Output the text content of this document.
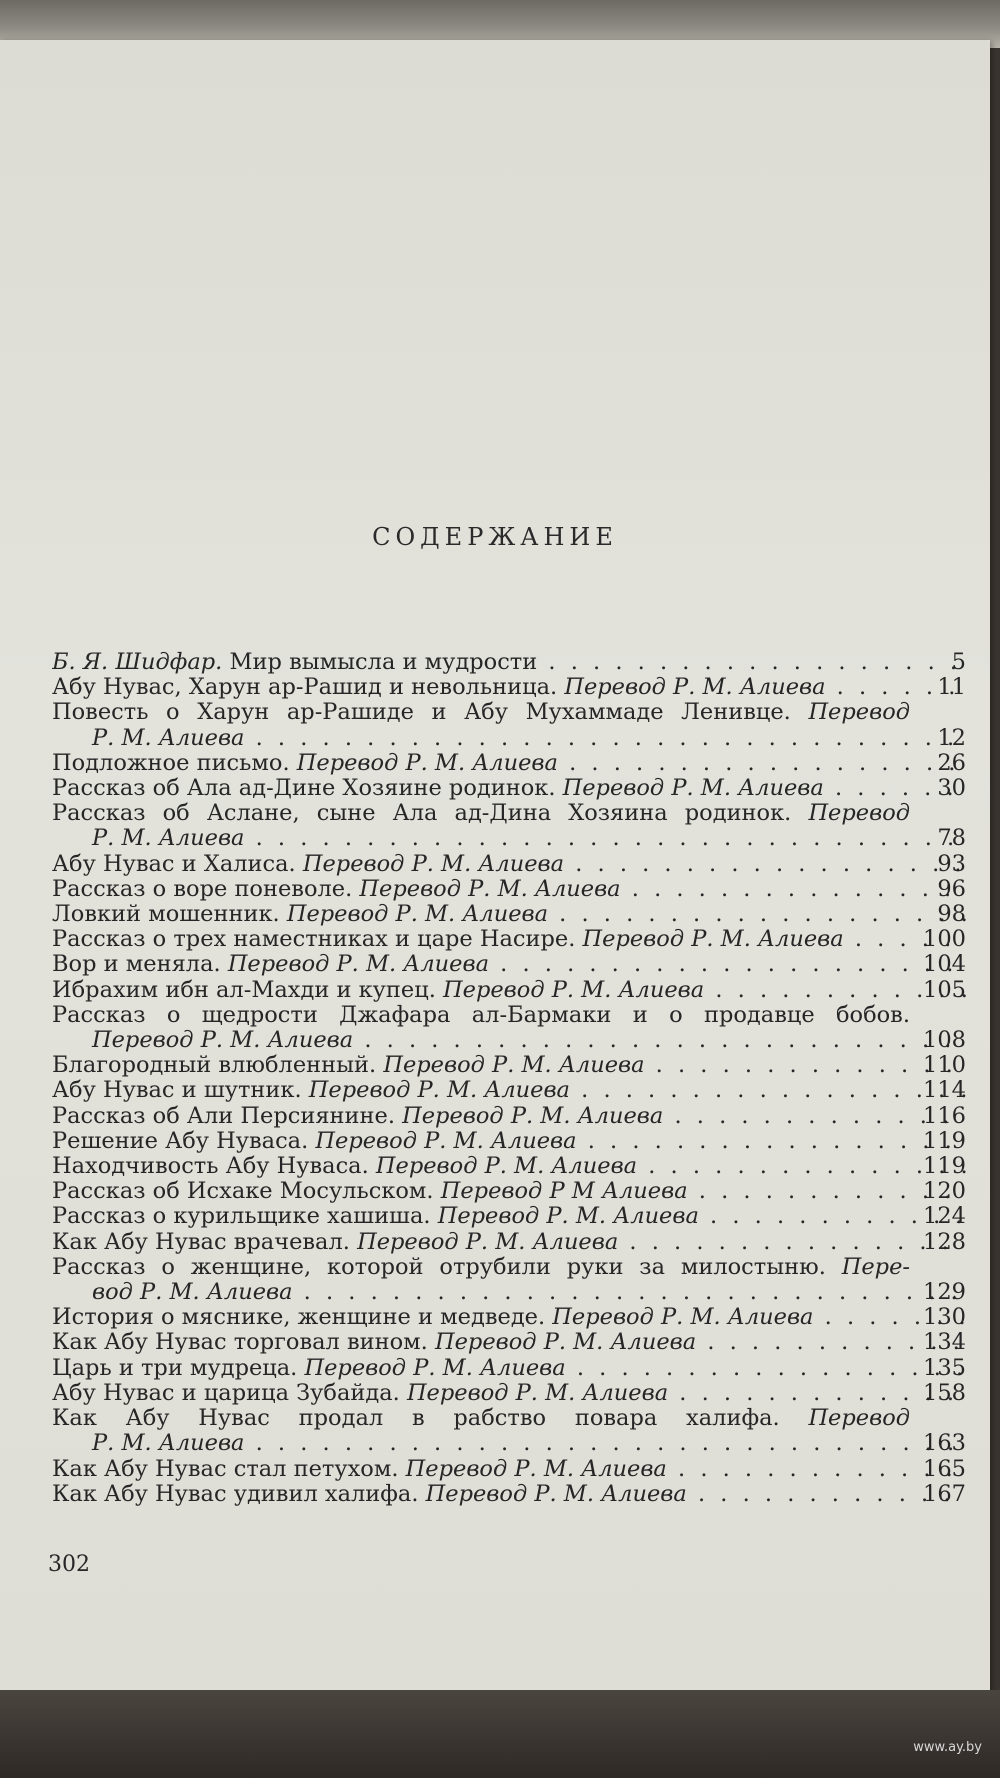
СОДЕРЖАНИЕ
Б. Я. Шидфар. Мир вымысла и мудрости . . .	5
Абу Нувас, Харун ар-Рашид и невольница. Перевод Р. М. Алиева . . .	11
Повесть о Харун ар-Рашиде и Абу Мухаммаде Ленивце. Перевод
Р. М. Алиева . . .	12
Подложное письмо. Перевод Р. М. Алиева . . .	26
Рассказ об Ала ад-Дине Хозяине родинок. Перевод Р. М. Алиева . . .	30
Рассказ об Аслане, сыне Ала ад-Дина Хозяина родинок. Перевод
Р. М. Алиева . . .	78
Абу Нувас и Халиса. Перевод Р. М. Алиева . . .	93
Рассказ о воре поневоле. Перевод Р. М. Алиева . . .	96
Ловкий мошенник. Перевод Р. М. Алиева . . .	98
Рассказ о трех наместниках и царе Насире. Перевод Р. М. Алиева . . .	100
Вор и меняла. Перевод Р. М. Алиева . . .	104
Ибрахим ибн ал-Махди и купец. Перевод Р. М. Алиева . . .	105
Рассказ о щедрости Джафара ал-Бармаки и о продавце бобов.
Перевод Р. М. Алиева . . .	108
Благородный влюбленный. Перевод Р. М. Алиева . . .	110
Абу Нувас и шутник. Перевод Р. М. Алиева . . .	114
Рассказ об Али Персиянине. Перевод Р. М. Алиева . . .	116
Решение Абу Нуваса. Перевод Р. М. Алиева . . .	119
Находчивость Абу Нуваса. Перевод Р. М. Алиева . . .	119
Рассказ об Исхаке Мосульском. Перевод Р М Алиева . . .	120
Рассказ о курильщике хашиша. Перевод Р. М. Алиева . . .	124
Как Абу Нувас врачевал. Перевод Р. М. Алиева . . .	128
Рассказ о женщине, которой отрубили руки за милостыню. Пере-
вод Р. М. Алиева . . .	129
История о мяснике, женщине и медведе. Перевод Р. М. Алиева . . .	130
Как Абу Нувас торговал вином. Перевод Р. М. Алиева . . .	134
Царь и три мудреца. Перевод Р. М. Алиева . . .	135
Абу Нувас и царица Зубайда. Перевод Р. М. Алиева . . .	158
Как Абу Нувас продал в рабство повара халифа. Перевод
Р. М. Алиева . . .	163
Как Абу Нувас стал петухом. Перевод Р. М. Алиева . . .	165
Как Абу Нувас удивил халифа. Перевод Р. М. Алиева . . .	167
302
www.ay.by
